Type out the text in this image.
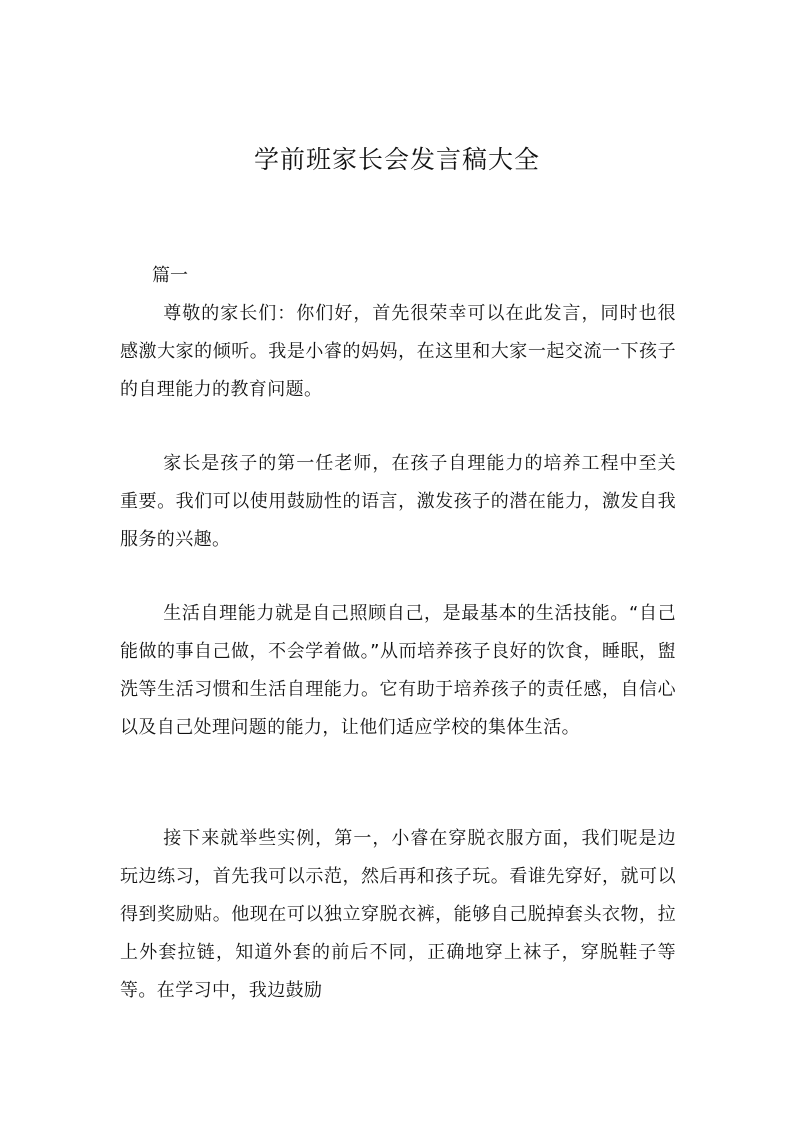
学前班家长会发言稿大全

篇一

尊敬的家长们：你们好，首先很荣幸可以在此发言，同时也很感激大家的倾听。我是小睿的妈妈，在这里和大家一起交流一下孩子的自理能力的教育问题。

家长是孩子的第一任老师，在孩子自理能力的培养工程中至关重要。我们可以使用鼓励性的语言，激发孩子的潜在能力，激发自我服务的兴趣。

生活自理能力就是自己照顾自己，是最基本的生活技能。“自己能做的事自己做，不会学着做。”从而培养孩子良好的饮食，睡眠，盥洗等生活习惯和生活自理能力。它有助于培养孩子的责任感，自信心以及自己处理问题的能力，让他们适应学校的集体生活。

接下来就举些实例，第一，小睿在穿脱衣服方面，我们呢是边玩边练习，首先我可以示范，然后再和孩子玩。看谁先穿好，就可以得到奖励贴。他现在可以独立穿脱衣裤，能够自己脱掉套头衣物，拉上外套拉链，知道外套的前后不同，正确地穿上袜子，穿脱鞋子等等。在学习中，我边鼓励
